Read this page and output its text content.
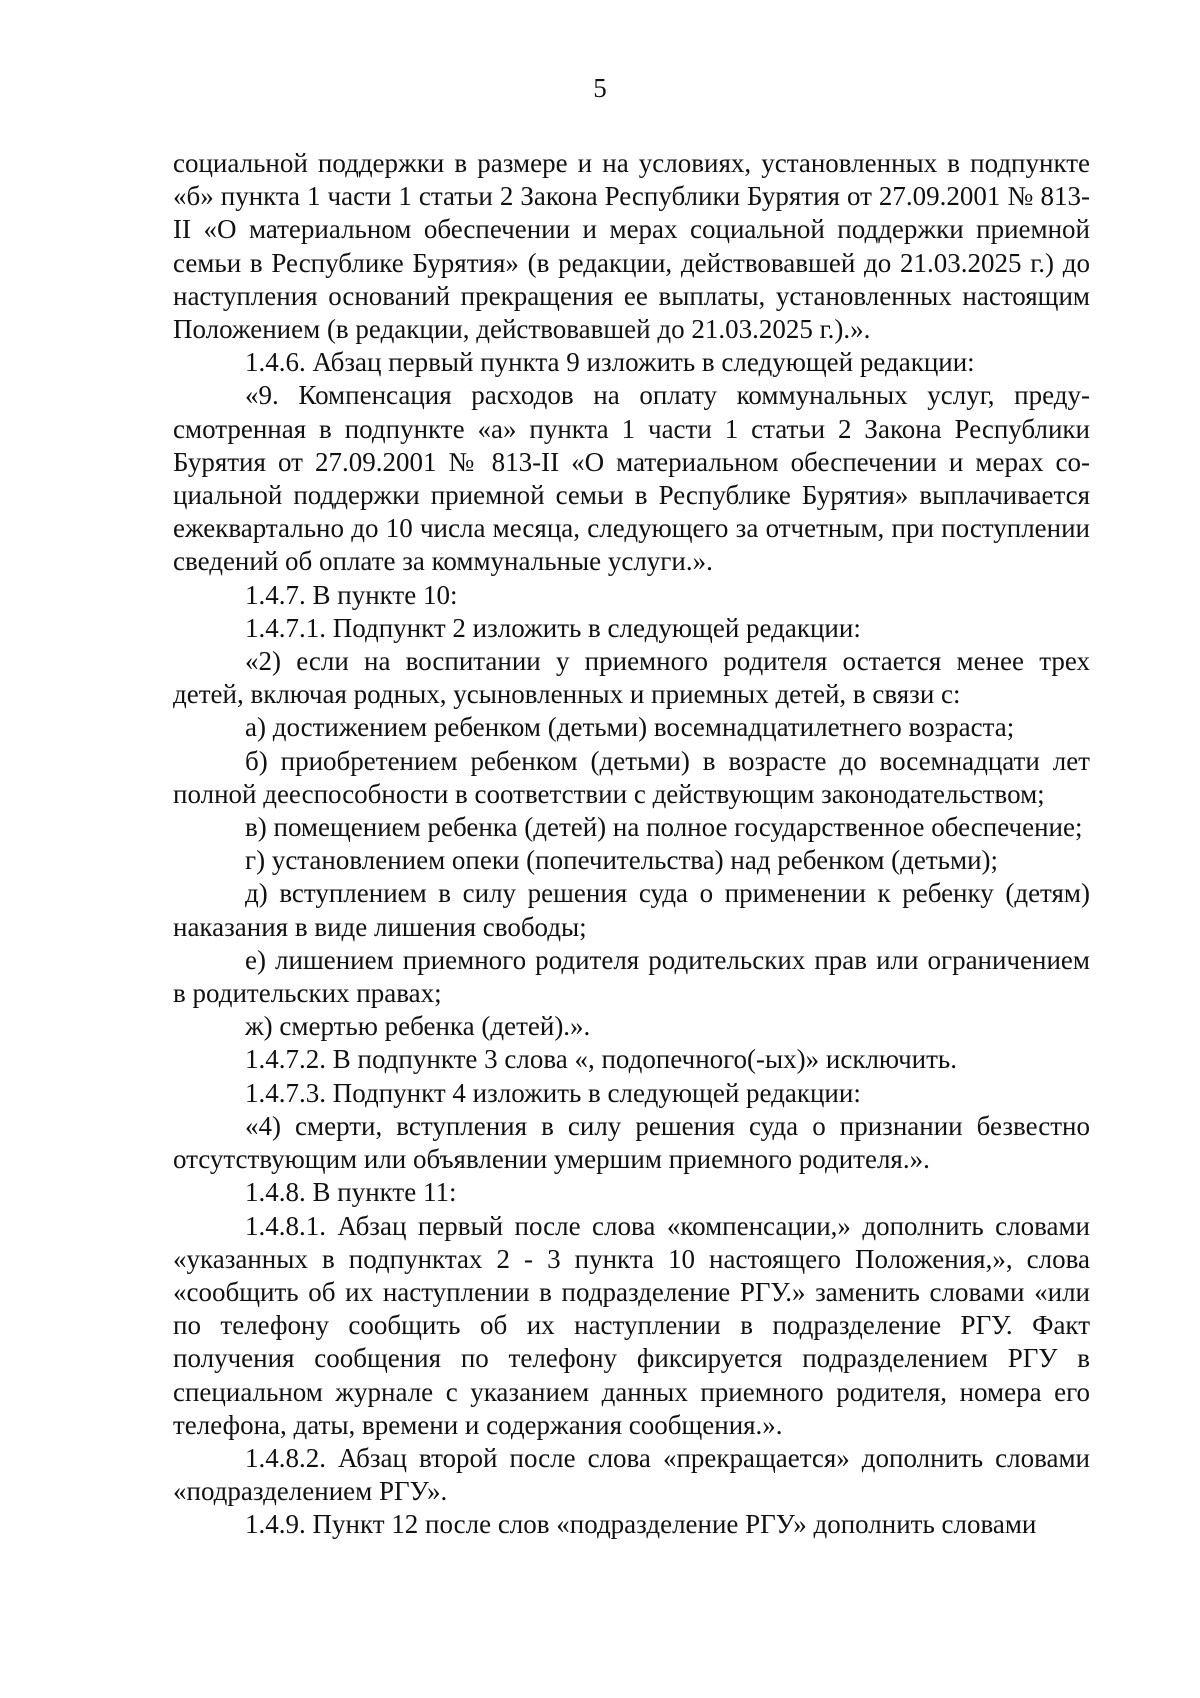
5

социальной поддержки в размере и на условиях, установленных в подпункте «б» пункта 1 части 1 статьи 2 Закона Республики Бурятия от 27.09.2001 № 813-II «О материальном обеспечении и мерах социальной поддержки приемной семьи в Республике Бурятия» (в редакции, действовавшей до 21.03.2025 г.) до наступления оснований прекращения ее выплаты, установленных настоящим Положением (в редакции, действовавшей до 21.03.2025 г.).».

1.4.6. Абзац первый пункта 9 изложить в следующей редакции:

«9. Компенсация расходов на оплату коммунальных услуг, предусмотренная в подпункте «а» пункта 1 части 1 статьи 2 Закона Республики Бурятия от 27.09.2001 № 813-II «О материальном обеспечении и мерах социальной поддержки приемной семьи в Республике Бурятия» выплачивается ежеквартально до 10 числа месяца, следующего за отчетным, при поступлении сведений об оплате за коммунальные услуги.».

1.4.7. В пункте 10:

1.4.7.1. Подпункт 2 изложить в следующей редакции:

«2) если на воспитании у приемного родителя остается менее трех детей, включая родных, усыновленных и приемных детей, в связи с:

а) достижением ребенком (детьми) восемнадцатилетнего возраста;

б) приобретением ребенком (детьми) в возрасте до восемнадцати лет полной дееспособности в соответствии с действующим законодательством;

в) помещением ребенка (детей) на полное государственное обеспечение;

г) установлением опеки (попечительства) над ребенком (детьми);

д) вступлением в силу решения суда о применении к ребенку (детям) наказания в виде лишения свободы;

е) лишением приемного родителя родительских прав или ограничением в родительских правах;

ж) смертью ребенка (детей).».

1.4.7.2. В подпункте 3 слова «, подопечного(-ых)» исключить.

1.4.7.3. Подпункт 4 изложить в следующей редакции:

«4) смерти, вступления в силу решения суда о признании безвестно отсутствующим или объявлении умершим приемного родителя.».

1.4.8. В пункте 11:

1.4.8.1. Абзац первый после слова «компенсации,» дополнить словами «указанных в подпунктах 2 - 3 пункта 10 настоящего Положения,», слова «сообщить об их наступлении в подразделение РГУ.» заменить словами «или по телефону сообщить об их наступлении в подразделение РГУ. Факт получения сообщения по телефону фиксируется подразделением РГУ в специальном журнале с указанием данных приемного родителя, номера его телефона, даты, времени и содержания сообщения.».

1.4.8.2. Абзац второй после слова «прекращается» дополнить словами «подразделением РГУ».

1.4.9. Пункт 12 после слов «подразделение РГУ» дополнить словами
